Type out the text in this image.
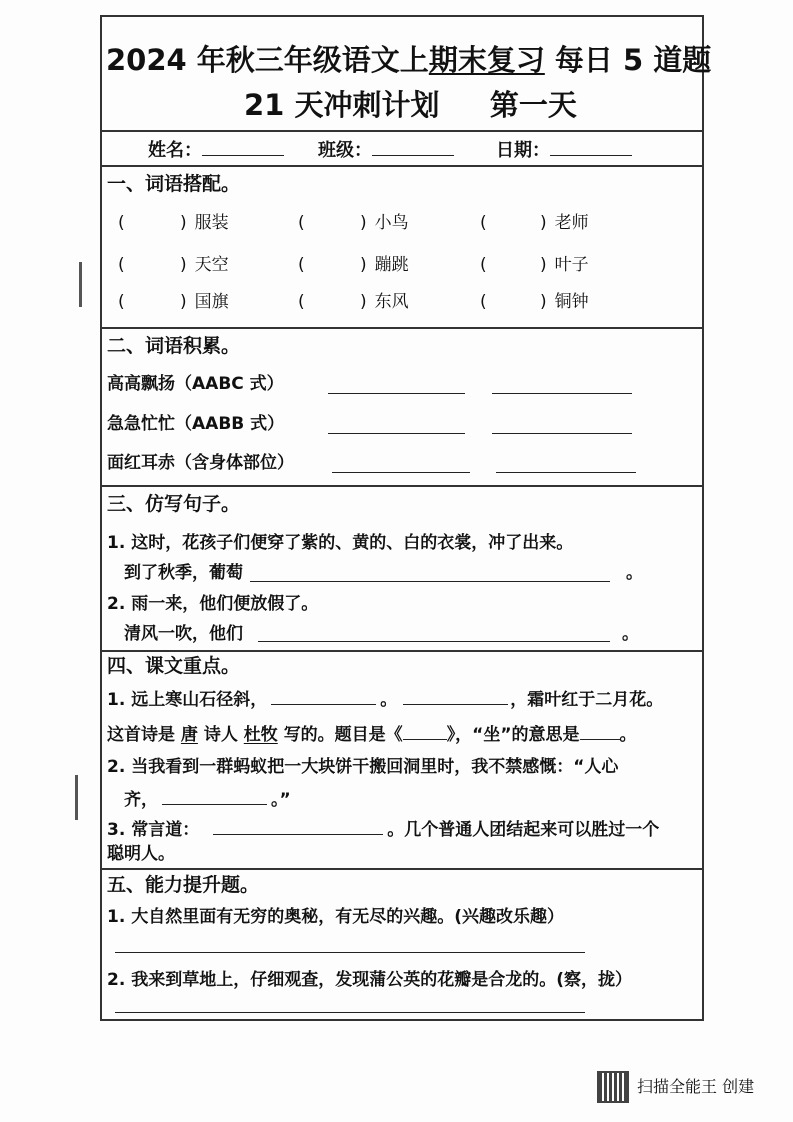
2024 年秋三年级语文上期末复习 每日 5 道题
21 天冲刺计划     第一天
姓名：	班级：	日期：
一、词语搭配。
二、词语积累。
高高飘扬（AABC 式）
急急忙忙（AABB 式）
面红耳赤（含身体部位）
三、仿写句子。
1. 这时，花孩子们便穿了紫的、黄的、白的衣裳，冲了出来。
到了秋季，葡萄	。
2. 雨一来，他们便放假了。
清风一吹，他们	。
四、课文重点。
1. 远上寒山石径斜，	。	，霜叶红于二月花。
这首诗是 唐 诗人 杜牧 写的。题目是《	》，“坐”的意思是 。
2. 当我看到一群蚂蚁把一大块饼干搬回洞里时，我不禁感慨：“人心
齐，	。”
3. 常言道：	。几个普通人团结起来可以胜过一个
聪明人。
五、能力提升题。
1. 大自然里面有无穷的奥秘，有无尽的兴趣。(兴趣改乐趣）
2. 我来到草地上，仔细观查，发现蒲公英的花瓣是合龙的。(察，拢）
扫描全能王 创建
(	) 服装	(	) 小鸟	(	) 老师
(	) 天空	(	) 蹦跳	(	) 叶子
(	) 国旗	(	) 东风	(	) 铜钟
